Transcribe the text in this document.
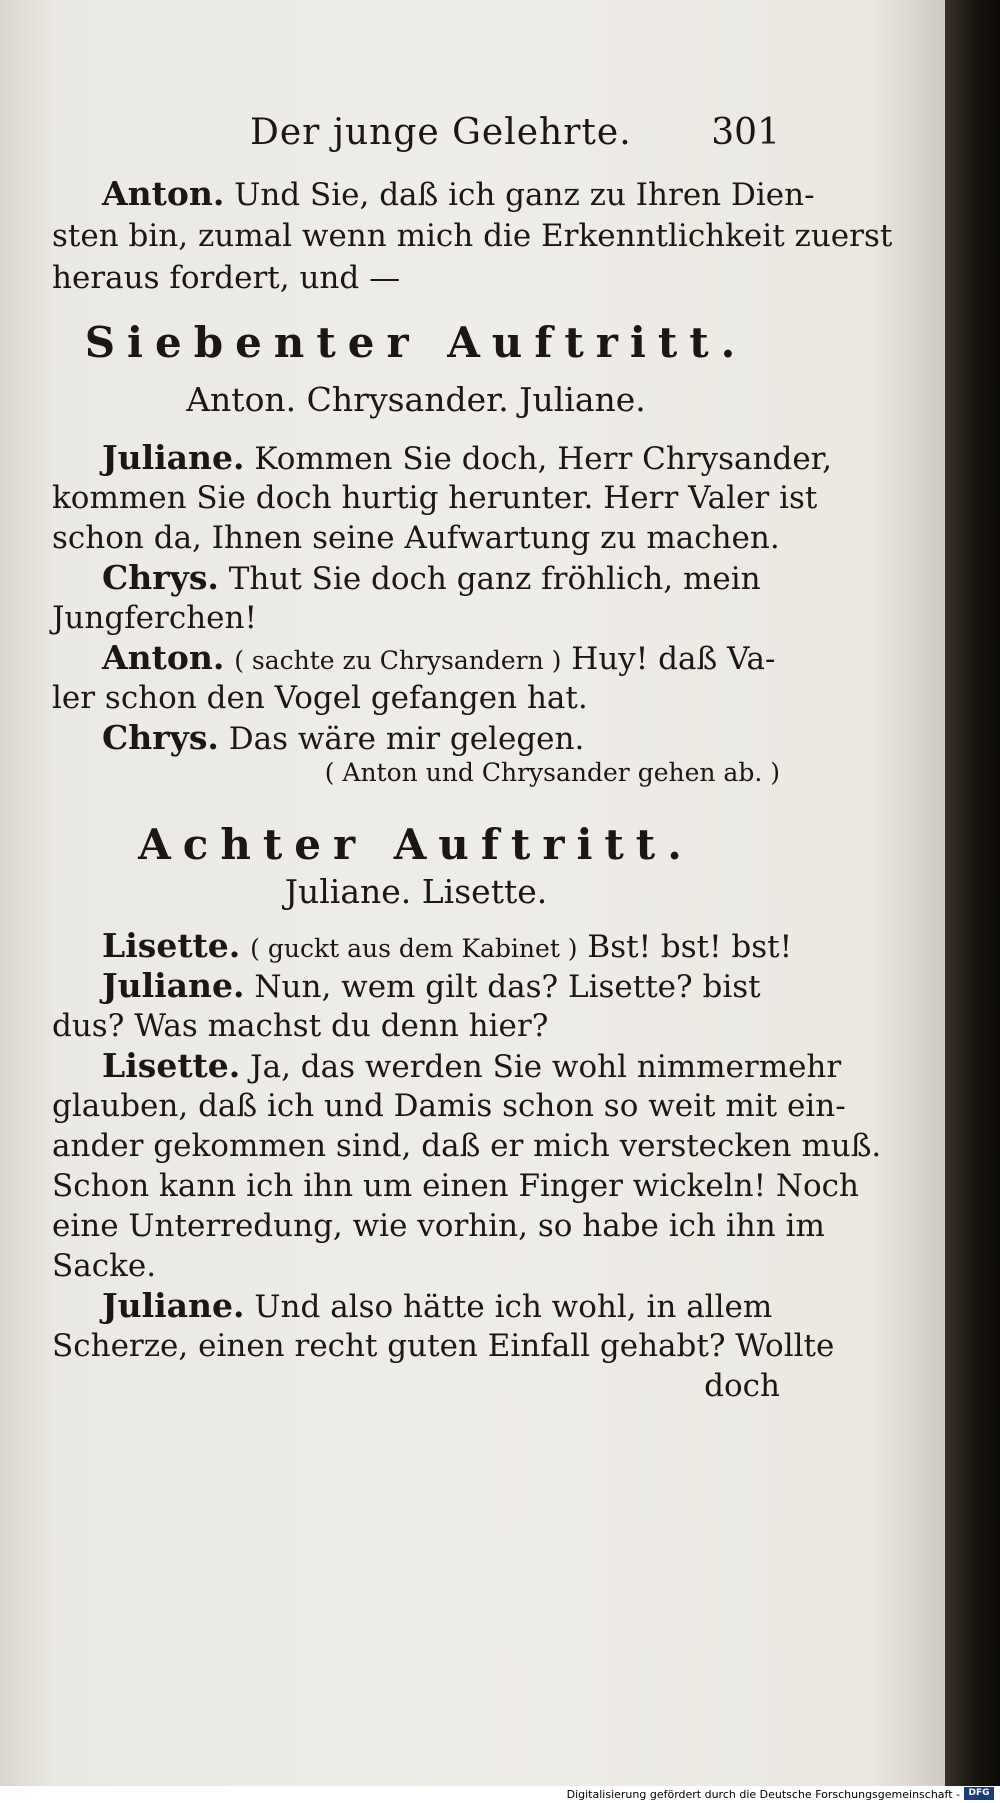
Der junge Gelehrte. 301
Anton. Und Sie, daß ich ganz zu Ihren Dien-
sten bin, zumal wenn mich die Erkenntlichkeit zuerst
heraus fordert, und —
Siebenter Auftritt.
Anton. Chrysander. Juliane.
Juliane. Kommen Sie doch, Herr Chrysander,
kommen Sie doch hurtig herunter. Herr Valer ist
schon da, Ihnen seine Aufwartung zu machen.
Chrys. Thut Sie doch ganz fröhlich, mein
Jungferchen!
Anton. ( sachte zu Chrysandern ) Huy! daß Va-
ler schon den Vogel gefangen hat.
Chrys. Das wäre mir gelegen.
( Anton und Chrysander gehen ab. )
Achter Auftritt.
Juliane. Lisette.
Lisette. ( guckt aus dem Kabinet ) Bst! bst! bst!
Juliane. Nun, wem gilt das? Lisette? bist
dus? Was machst du denn hier?
Lisette. Ja, das werden Sie wohl nimmermehr
glauben, daß ich und Damis schon so weit mit ein-
ander gekommen sind, daß er mich verstecken muß.
Schon kann ich ihn um einen Finger wickeln! Noch
eine Unterredung, wie vorhin, so habe ich ihn im
Sacke.
Juliane. Und also hätte ich wohl, in allem
Scherze, einen recht guten Einfall gehabt? Wollte
doch
Digitalisierung gefördert durch die Deutsche Forschungsgemeinschaft - DFG
